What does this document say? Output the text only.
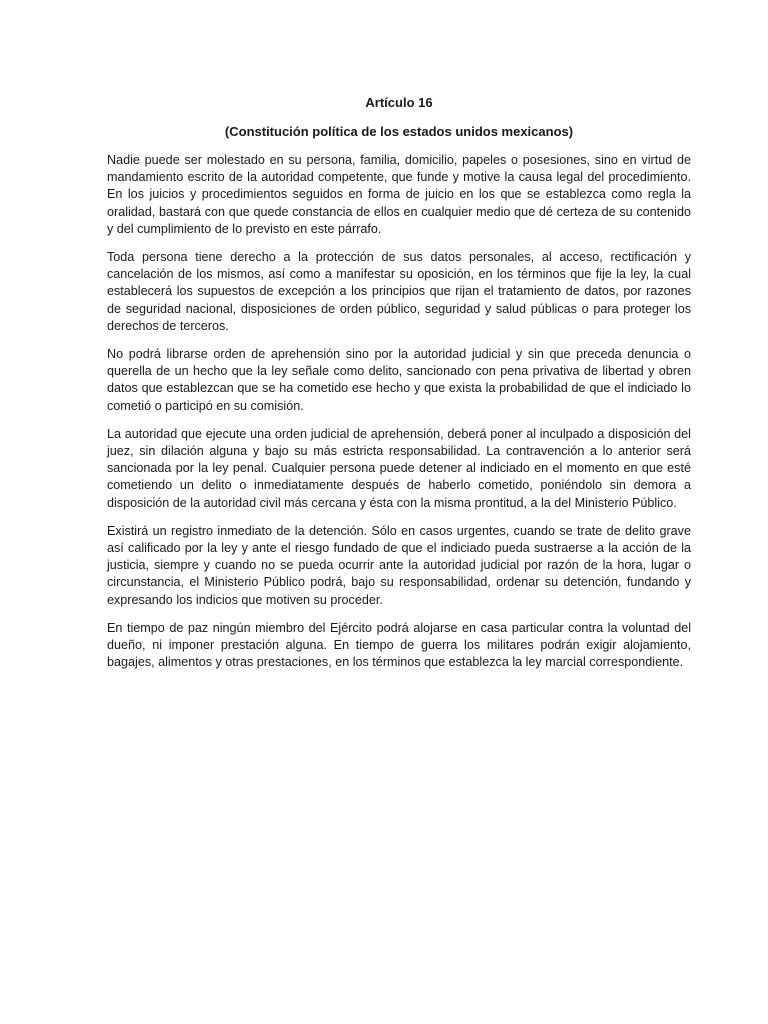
Artículo 16
(Constitución política de los estados unidos mexicanos)

Nadie puede ser molestado en su persona, familia, domicilio, papeles o posesiones, sino en virtud de mandamiento escrito de la autoridad competente, que funde y motive la causa legal del procedimiento. En los juicios y procedimientos seguidos en forma de juicio en los que se establezca como regla la oralidad, bastará con que quede constancia de ellos en cualquier medio que dé certeza de su contenido y del cumplimiento de lo previsto en este párrafo.

Toda persona tiene derecho a la protección de sus datos personales, al acceso, rectificación y cancelación de los mismos, así como a manifestar su oposición, en los términos que fije la ley, la cual establecerá los supuestos de excepción a los principios que rijan el tratamiento de datos, por razones de seguridad nacional, disposiciones de orden público, seguridad y salud públicas o para proteger los derechos de terceros.

No podrá librarse orden de aprehensión sino por la autoridad judicial y sin que preceda denuncia o querella de un hecho que la ley señale como delito, sancionado con pena privativa de libertad y obren datos que establezcan que se ha cometido ese hecho y que exista la probabilidad de que el indiciado lo cometió o participó en su comisión.

La autoridad que ejecute una orden judicial de aprehensión, deberá poner al inculpado a disposición del juez, sin dilación alguna y bajo su más estricta responsabilidad. La contravención a lo anterior será sancionada por la ley penal. Cualquier persona puede detener al indiciado en el momento en que esté cometiendo un delito o inmediatamente después de haberlo cometido, poniéndolo sin demora a disposición de la autoridad civil más cercana y ésta con la misma prontitud, a la del Ministerio Público.

Existirá un registro inmediato de la detención. Sólo en casos urgentes, cuando se trate de delito grave así calificado por la ley y ante el riesgo fundado de que el indiciado pueda sustraerse a la acción de la justicia, siempre y cuando no se pueda ocurrir ante la autoridad judicial por razón de la hora, lugar o circunstancia, el Ministerio Público podrá, bajo su responsabilidad, ordenar su detención, fundando y expresando los indicios que motiven su proceder.

En tiempo de paz ningún miembro del Ejército podrá alojarse en casa particular contra la voluntad del dueño, ni imponer prestación alguna. En tiempo de guerra los militares podrán exigir alojamiento, bagajes, alimentos y otras prestaciones, en los términos que establezca la ley marcial correspondiente.
